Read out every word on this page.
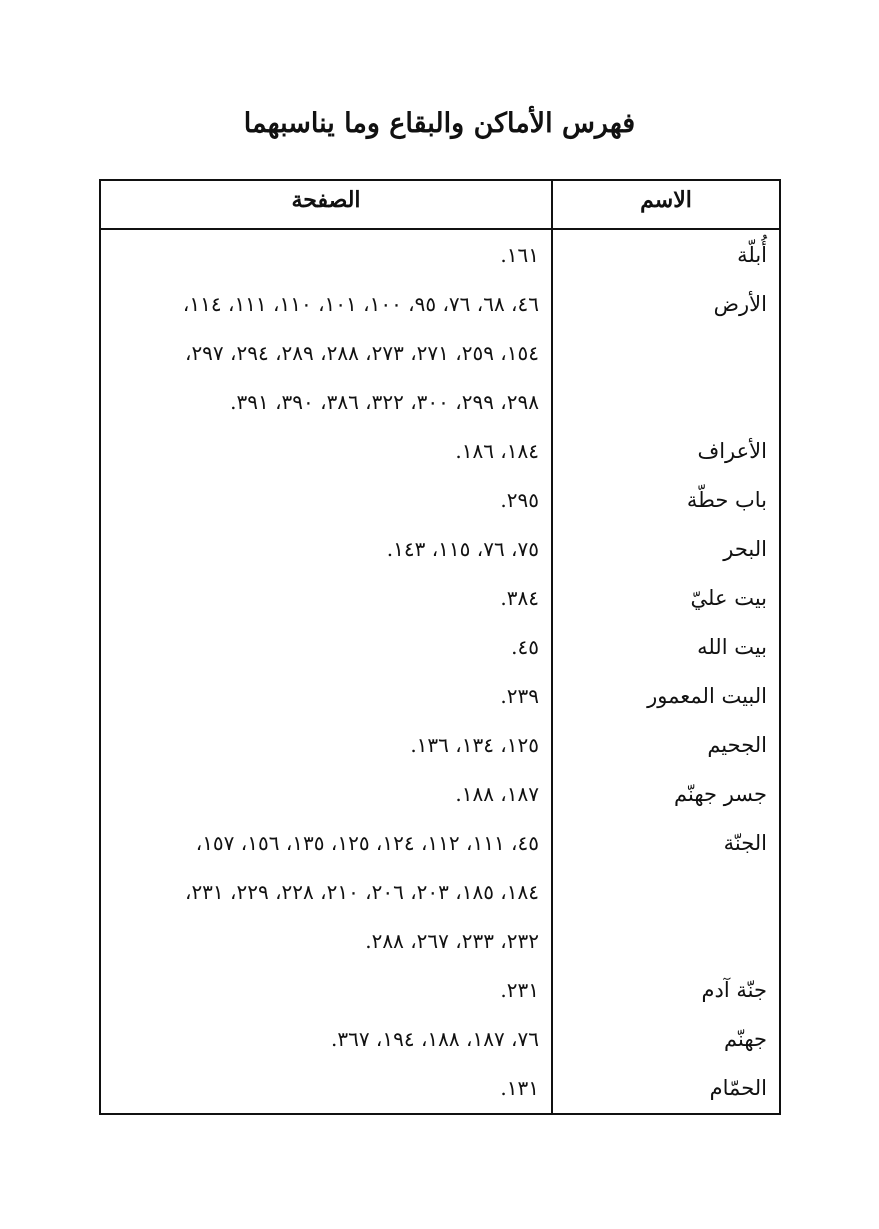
فهرس الأماكن والبقاع وما يناسبهما
الاسم
الصفحة
أُبلّة
١٦١.
الأرض
٤٦، ٦٨، ٧٦، ٩٥، ١٠٠، ١٠١، ١١٠، ١١١، ١١٤،
١٥٤، ٢٥٩، ٢٧١، ٢٧٣، ٢٨٨، ٢٨٩، ٢٩٤، ٢٩٧،
٢٩٨، ٢٩٩، ٣٠٠، ٣٢٢، ٣٨٦، ٣٩٠، ٣٩١.
الأعراف
١٨٤، ١٨٦.
باب حطّة
٢٩٥.
البحر
٧٥، ٧٦، ١١٥، ١٤٣.
بيت عليّ
٣٨٤.
بيت الله
٤٥.
البيت المعمور
٢٣٩.
الجحيم
١٢٥، ١٣٤، ١٣٦.
جسر جهنّم
١٨٧، ١٨٨.
الجنّة
٤٥، ١١١، ١١٢، ١٢٤، ١٢٥، ١٣٥، ١٥٦، ١٥٧،
١٨٤، ١٨٥، ٢٠٣، ٢٠٦، ٢١٠، ٢٢٨، ٢٢٩، ٢٣١،
٢٣٢، ٢٣٣، ٢٦٧، ٢٨٨.
جنّة آدم
٢٣١.
جهنّم
٧٦، ١٨٧، ١٨٨، ١٩٤، ٣٦٧.
الحمّام
١٣١.
